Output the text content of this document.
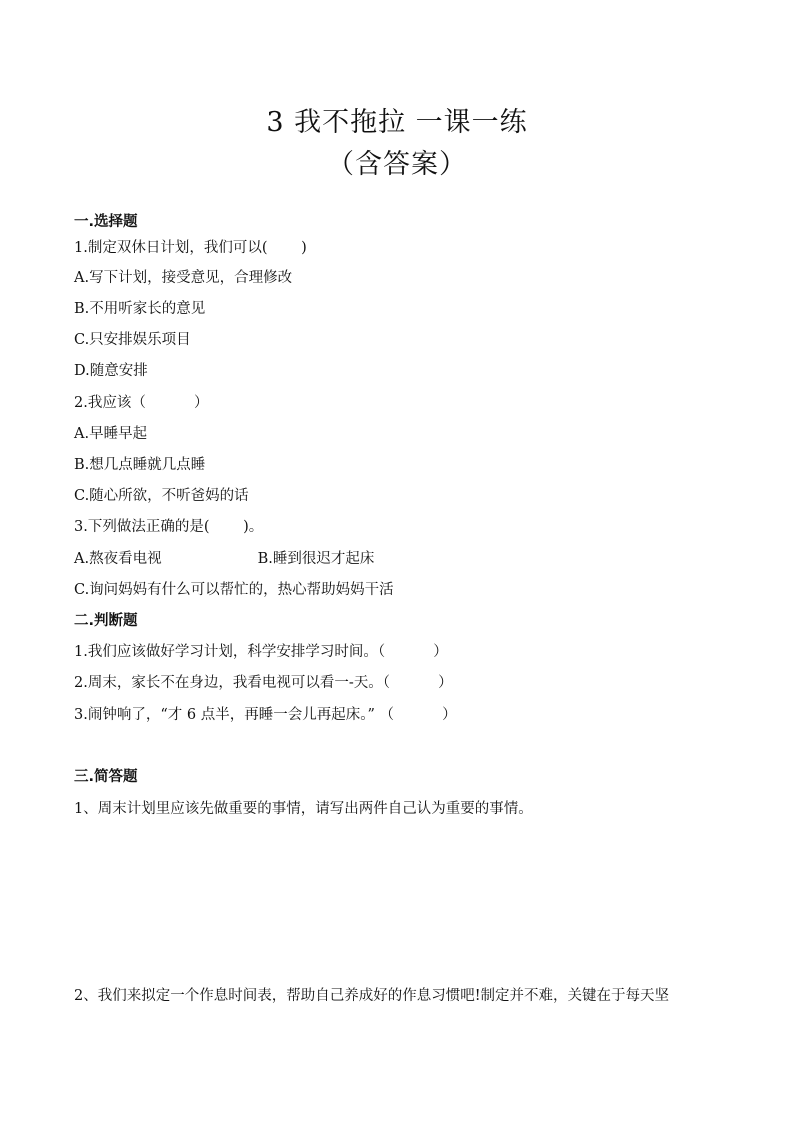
3 我不拖拉 一课一练
（含答案）
一.选择题
1.制定双休日计划，我们可以(　　 )
A.写下计划，接受意见，合理修改
B.不用听家长的意见
C.只安排娱乐项目
D.随意安排
2.我应该（　　　 ）
A.早睡早起
B.想几点睡就几点睡
C.随心所欲，不听爸妈的话
3.下列做法正确的是(　　 )。
A.熬夜看电视	B.睡到很迟才起床
C.询问妈妈有什么可以帮忙的，热心帮助妈妈干活
二.判断题
1.我们应该做好学习计划，科学安排学习时间。（　　　 ）
2.周末，家长不在身边，我看电视可以看一-天。（　　　 ）
3.闹钟响了，“才 6 点半，再睡一会儿再起床。” （　　　 ）
三.简答题
1、周末计划里应该先做重要的事情，请写出两件自己认为重要的事情。
2、我们来拟定一个作息时间表，帮助自己养成好的作息习惯吧!制定并不难，关键在于每天坚
